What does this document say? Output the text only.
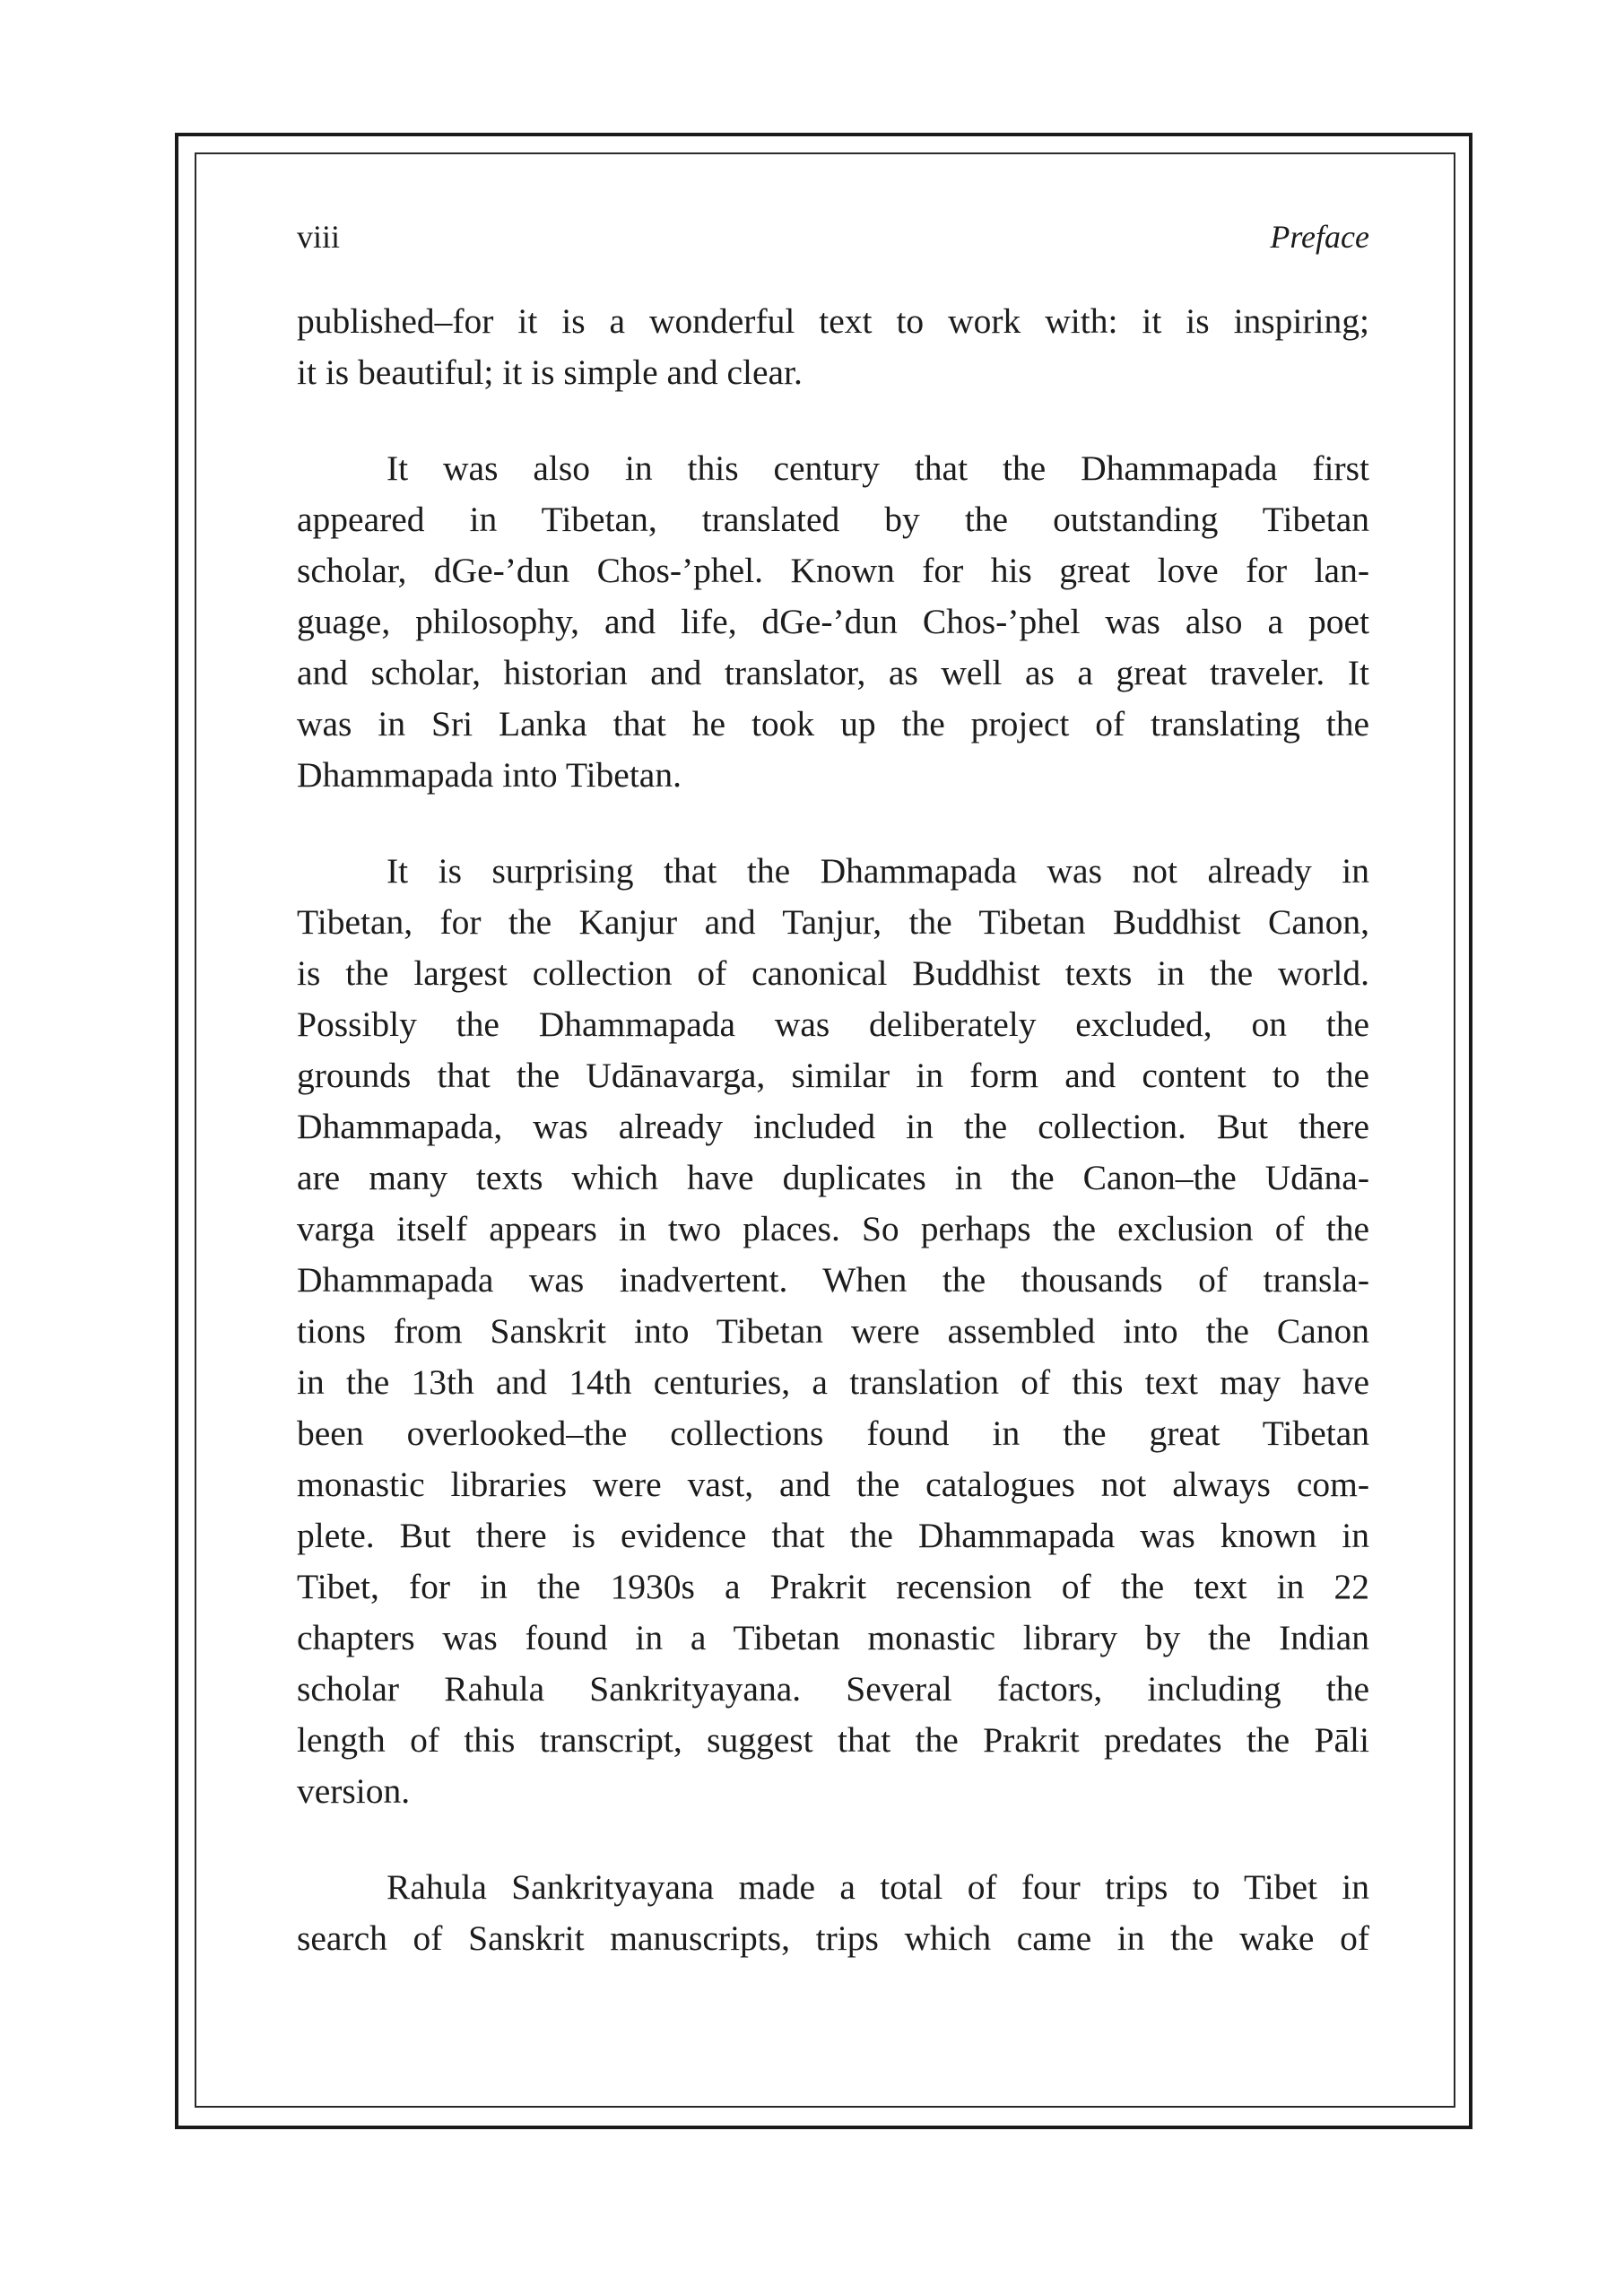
viii	Preface
published–for it is a wonderful text to work with: it is inspiring;
it is beautiful; it is simple and clear.
It was also in this century that the Dhammapada first
appeared in Tibetan, translated by the outstanding Tibetan
scholar, dGe-’dun Chos-’phel. Known for his great love for lan-
guage, philosophy, and life, dGe-’dun Chos-’phel was also a poet
and scholar, historian and translator, as well as a great traveler. It
was in Sri Lanka that he took up the project of translating the
Dhammapada into Tibetan.
It is surprising that the Dhammapada was not already in
Tibetan, for the Kanjur and Tanjur, the Tibetan Buddhist Canon,
is the largest collection of canonical Buddhist texts in the world.
Possibly the Dhammapada was deliberately excluded, on the
grounds that the Udānavarga, similar in form and content to the
Dhammapada, was already included in the collection. But there
are many texts which have duplicates in the Canon–the Udāna-
varga itself appears in two places. So perhaps the exclusion of the
Dhammapada was inadvertent. When the thousands of transla-
tions from Sanskrit into Tibetan were assembled into the Canon
in the 13th and 14th centuries, a translation of this text may have
been overlooked–the collections found in the great Tibetan
monastic libraries were vast, and the catalogues not always com-
plete. But there is evidence that the Dhammapada was known in
Tibet, for in the 1930s a Prakrit recension of the text in 22
chapters was found in a Tibetan monastic library by the Indian
scholar Rahula Sankrityayana. Several factors, including the
length of this transcript, suggest that the Prakrit predates the Pāli
version.
Rahula Sankrityayana made a total of four trips to Tibet in
search of Sanskrit manuscripts, trips which came in the wake of
